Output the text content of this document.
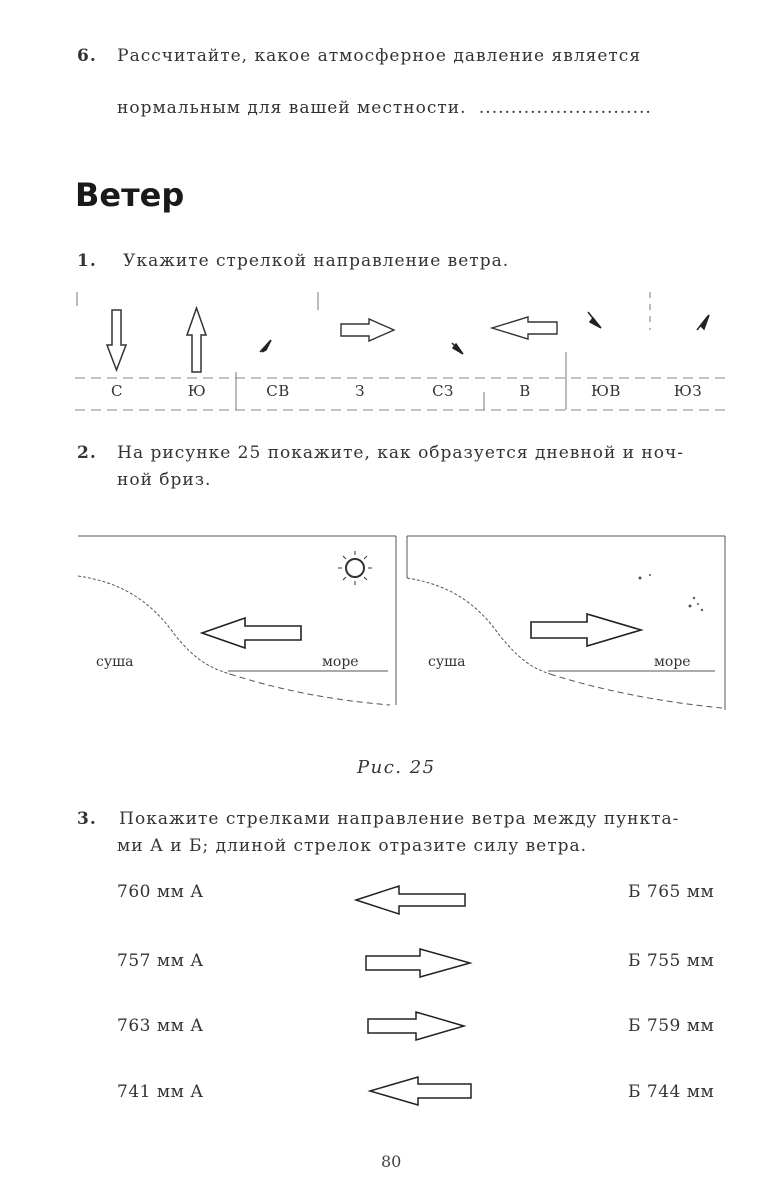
6. Рассчитайте, какое атмосферное давление является
нормальным для вашей местности. ...........................
Ветер
1. Укажите стрелкой направление ветра.
С	Ю	СВ	З	СЗ	В	ЮВ	ЮЗ
2. На рисунке 25 покажите, как образуется дневной и ноч-
ной бриз.
суша	море	суша	море
Рис. 25
3. Покажите стрелками направление ветра между пункта-
ми А и Б; длиной стрелок отразите силу ветра.
760 мм А	Б 765 мм
757 мм А	Б 755 мм
763 мм А	Б 759 мм
741 мм А	Б 744 мм
80
